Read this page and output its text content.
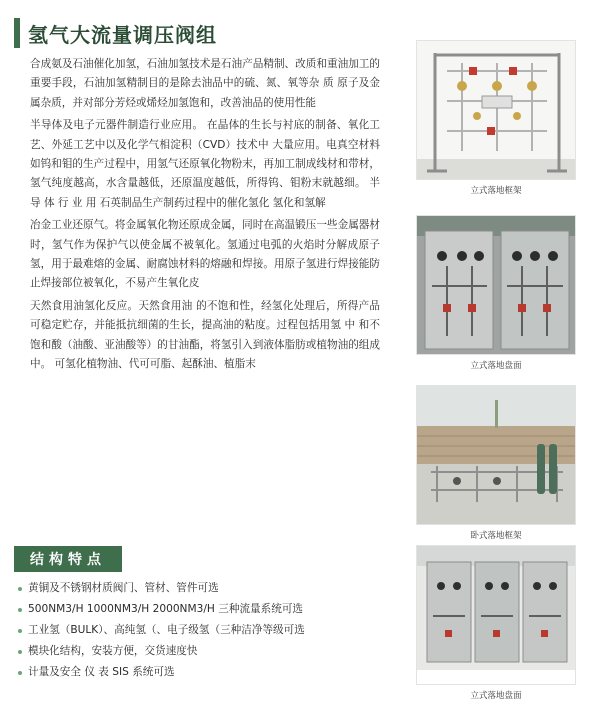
氢气大流量调压阀组

合成氨及石油催化加氢，石油加氢技术是石油产品精制、改质和重油加工的重要手段，石油加氢精制目的是除去油品中的硫、氮、氧等杂 质 原子及金属杂质，并对部分芳烃或烯烃加氢饱和，改善油品的使用性能

半导体及电子元器件制造行业应用。 在晶体的生长与衬底的制备、氧化工艺、外延工艺中以及化学气相淀积（CVD）技术中 大量应用。电真空材料如钨和钼的生产过程中，用氢气还原氧化物粉末，再加工制成线材和带材，氢气纯度越高，水含量越低，还原温度越低，所得钨、钼粉末就越细。 半 导 体 行 业 用 石英制品生产制药过程中的催化氢化 氢化和氢解

冶金工业还原气。将金属氧化物还原成金属，同时在高温锻压一些金属器材时，氢气作为保护气以使金属不被氧化。氢通过电弧的火焰时分解成原子氢，用于最难熔的金属、耐腐蚀材料的熔融和焊接。用原子氢进行焊接能防止焊接部位被氧化，不易产生氧化皮

天然食用油氢化反应。天然食用油 的不饱和性，经氢化处理后，所得产品可稳定贮存，并能抵抗细菌的生长，提高油的粘度。过程包括用氢 中 和不饱和酸（油酸、亚油酸等）的甘油酯，将氢引入到液体脂肪或植物油的组成中。 可氢化植物油、代可可脂、起酥油、植脂末

立式落地框架
立式落地盘面
卧式落地框架
立式落地盘面
结构特点
黄铜及不锈钢材质阀门、管材、管件可选
500NM3/H 1000NM3/H 2000NM3/H 三种流量系统可选
工业氢（BULK）、高纯氢（、电子级氢（三种洁净等级可选
模块化结构，安装方便，交货速度快
计量及安全 仪 表 SIS 系统可选
